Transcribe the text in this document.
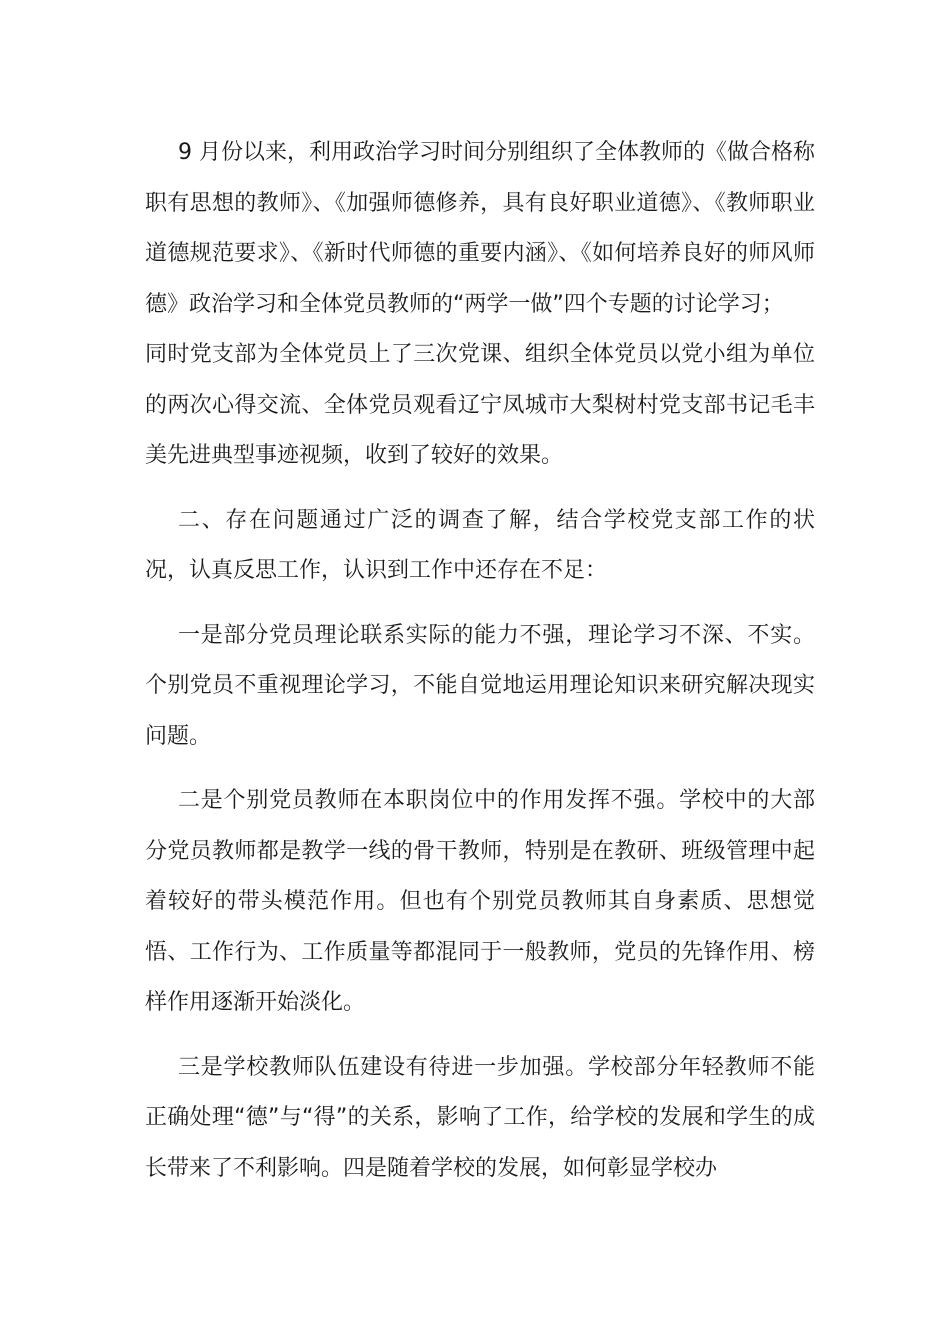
9 月份以来，利用政治学习时间分别组织了全体教师的《做合格称职有思想的教师》、《加强师德修养，具有良好职业道德》、《教师职业道德规范要求》、《新时代师德的重要内涵》、《如何培养良好的师风师德》政治学习和全体党员教师的“两学一做”四个专题的讨论学习；

同时党支部为全体党员上了三次党课、组织全体党员以党小组为单位的两次心得交流、全体党员观看辽宁凤城市大梨树村党支部书记毛丰美先进典型事迹视频，收到了较好的效果。

二、存在问题通过广泛的调查了解，结合学校党支部工作的状况，认真反思工作，认识到工作中还存在不足：

一是部分党员理论联系实际的能力不强，理论学习不深、不实。个别党员不重视理论学习，不能自觉地运用理论知识来研究解决现实问题。

二是个别党员教师在本职岗位中的作用发挥不强。学校中的大部分党员教师都是教学一线的骨干教师，特别是在教研、班级管理中起着较好的带头模范作用。但也有个别党员教师其自身素质、思想觉悟、工作行为、工作质量等都混同于一般教师，党员的先锋作用、榜样作用逐渐开始淡化。

三是学校教师队伍建设有待进一步加强。学校部分年轻教师不能正确处理“德”与“得”的关系，影响了工作，给学校的发展和学生的成长带来了不利影响。四是随着学校的发展，如何彰显学校办
